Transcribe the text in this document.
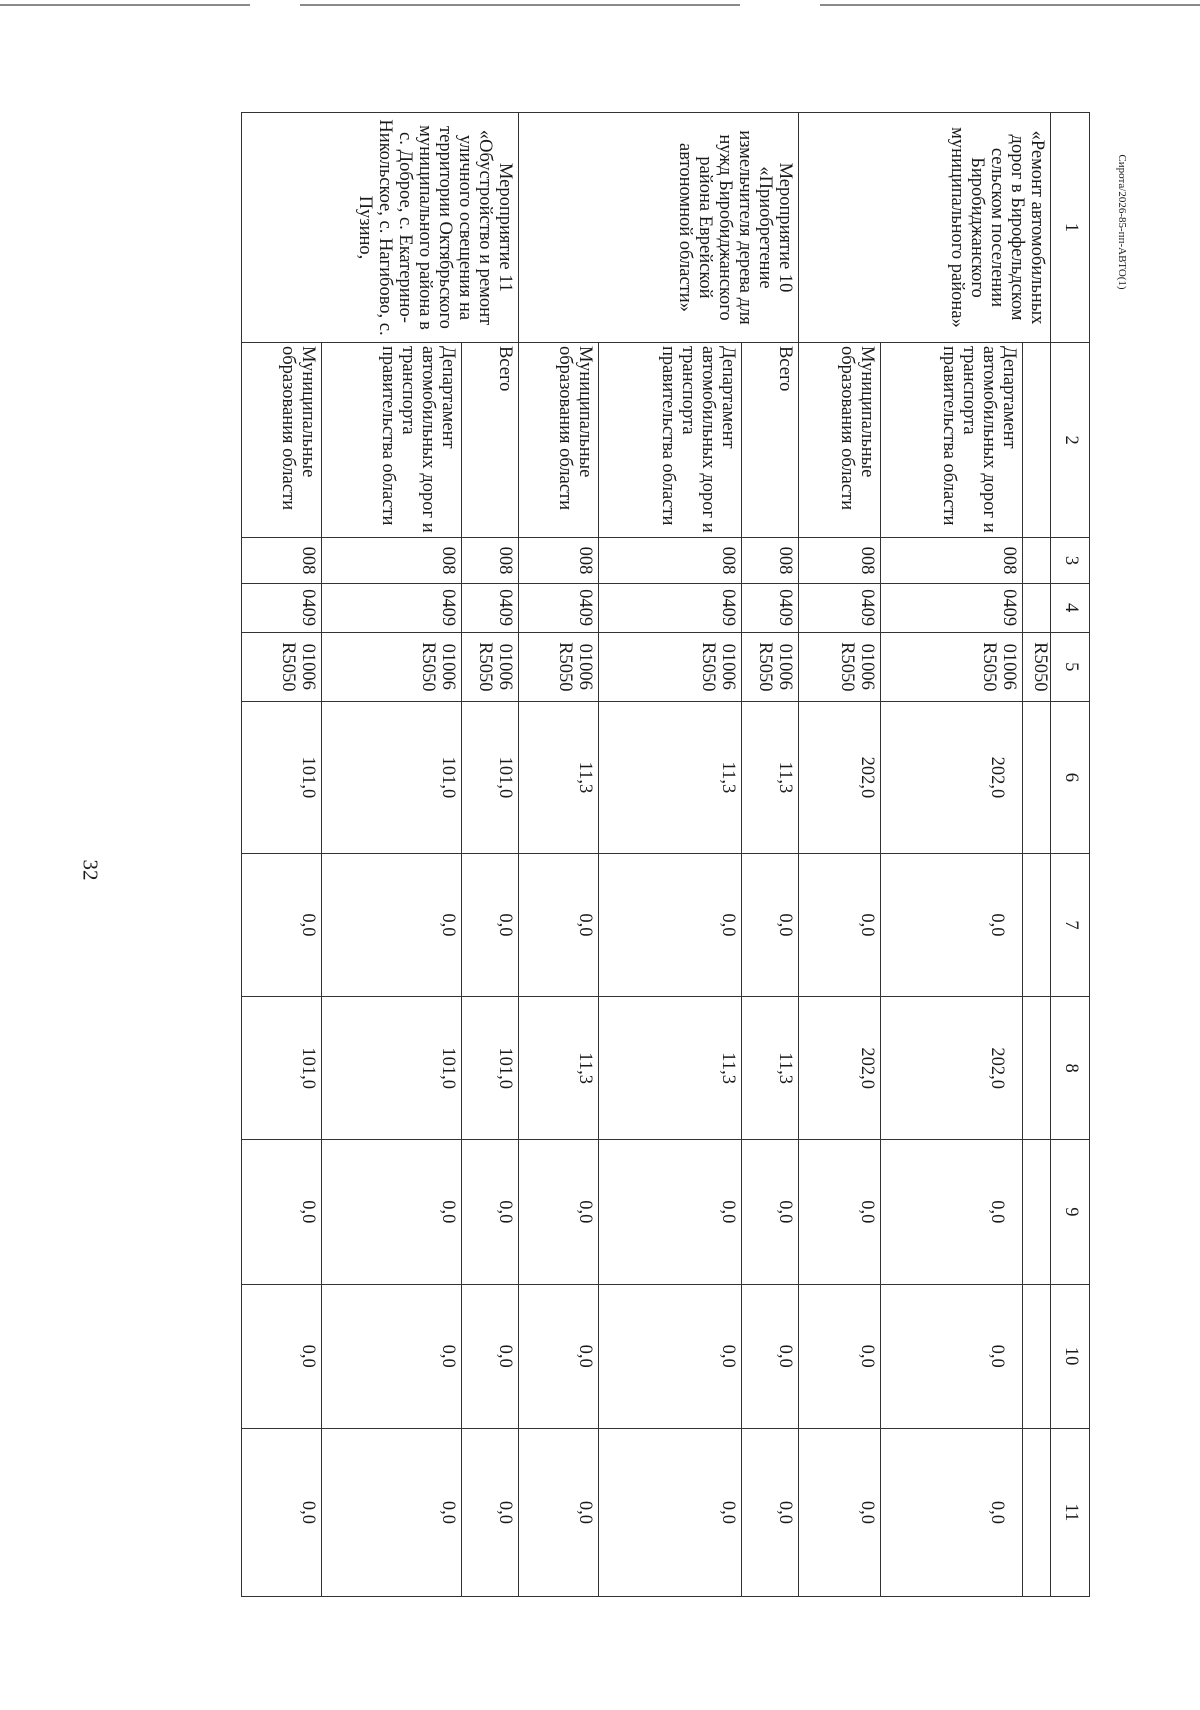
32
Сирота/2026-85-пп-АВТО(1)
1	2	3	4	5	6	7	8	9	10	11
«Ремонт автомобильных дорог в Бирофельдском сельском поселении Биробиджанского муниципального района»				R5050						
	Департамент автомобильных дорог и транспорта правительства области	008	0409	01006 R5050	202,0	0,0	202,0	0,0	0,0	0,0
	Муниципальные образования области	008	0409	01006 R5050	202,0	0,0	202,0	0,0	0,0	0,0
Мероприятие 10 «Приобретение измельчителя дерева для нужд Биробиджанского района Еврейской автономной области»	Всего	008	0409	01006 R5050	11,3	0,0	11,3	0,0	0,0	0,0
	Департамент автомобильных дорог и транспорта правительства области	008	0409	01006 R5050	11,3	0,0	11,3	0,0	0,0	0,0
	Муниципальные образования области	008	0409	01006 R5050	11,3	0,0	11,3	0,0	0,0	0,0
Мероприятие 11 «Обустройство и ремонт уличного освещения на территории Октябрьского муниципального района в с. Доброе, с. Екатерино-Никольское, с. Нагибово, с. Пузино,	Всего	008	0409	01006 R5050	101,0	0,0	101,0	0,0	0,0	0,0
	Департамент автомобильных дорог и транспорта правительства области	008	0409	01006 R5050	101,0	0,0	101,0	0,0	0,0	0,0
	Муниципальные образования области	008	0409	01006 R5050	101,0	0,0	101,0	0,0	0,0	0,0
